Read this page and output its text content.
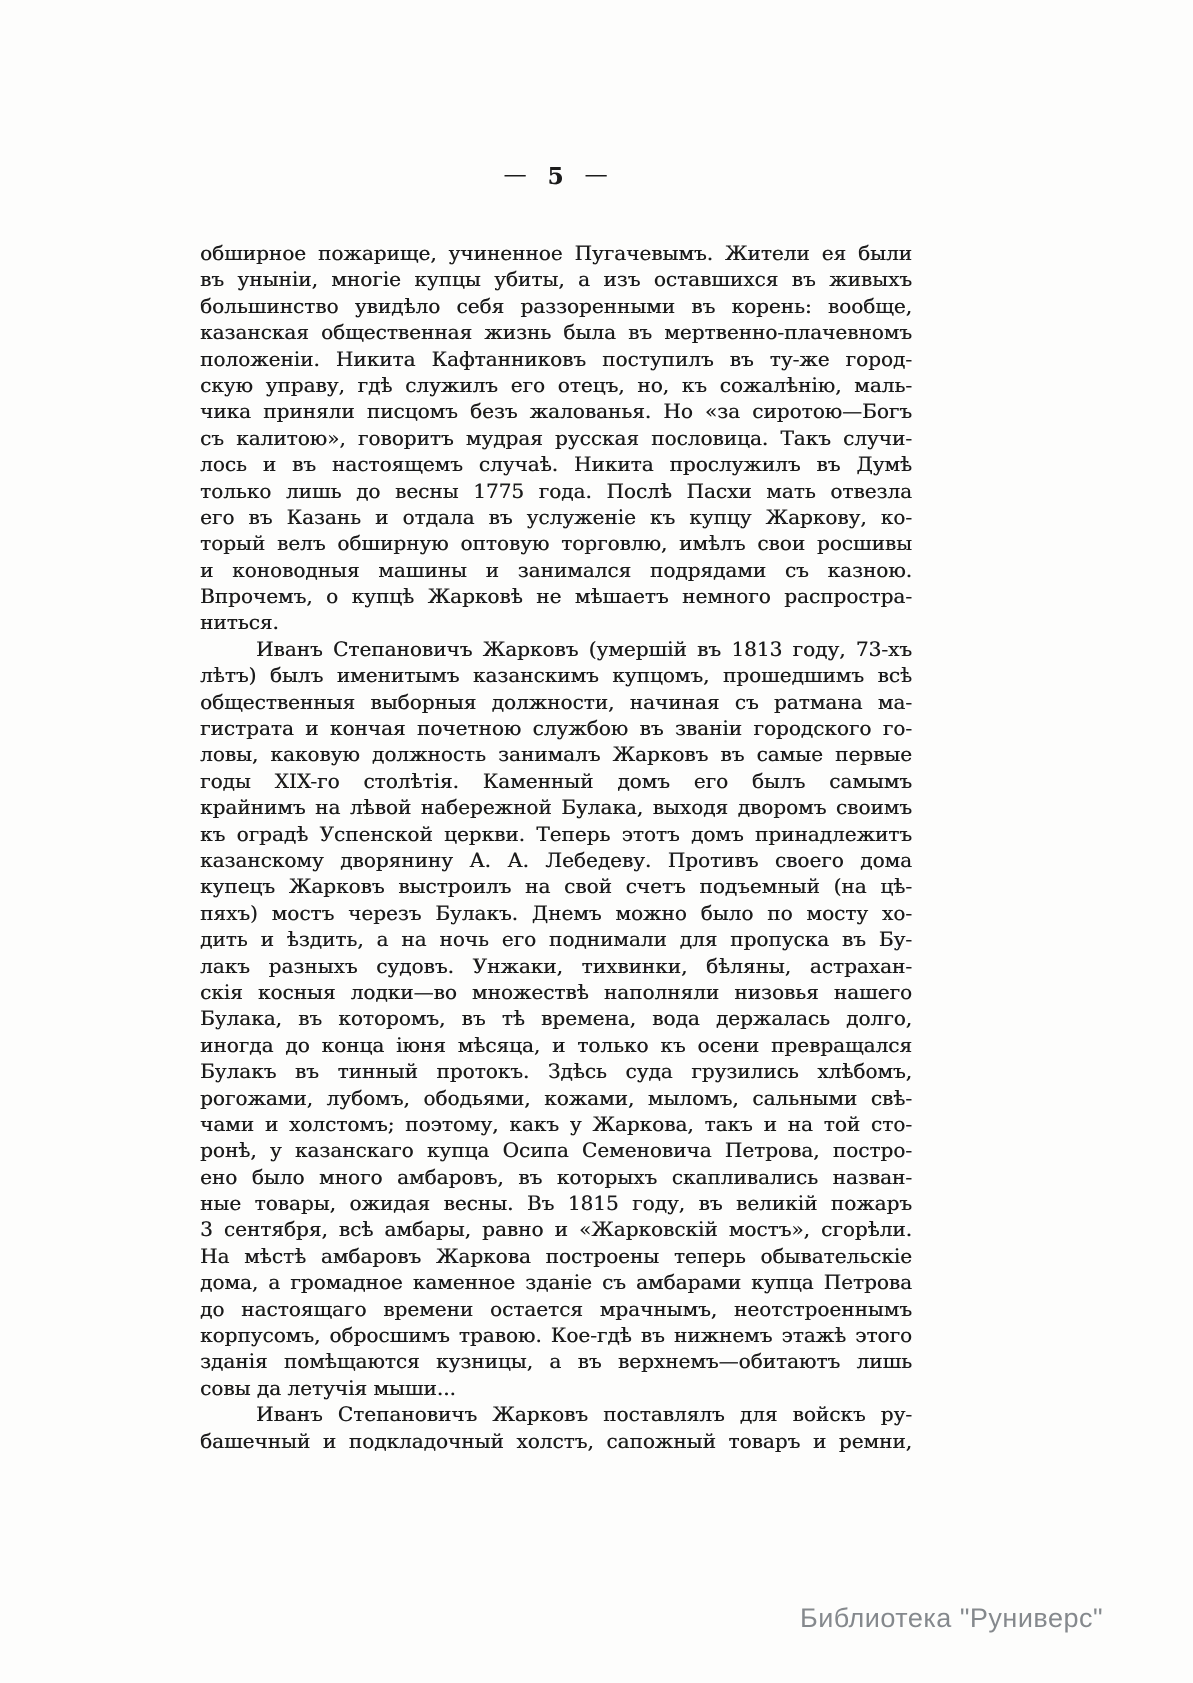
— 5 —
обширное пожарище, учиненное Пугачевымъ. Жители ея были
въ уныніи, многіе купцы убиты, а изъ оставшихся въ живыхъ
большинство увидѣло себя раззоренными въ корень: вообще,
казанская общественная жизнь была въ мертвенно-плачевномъ
положеніи. Никита Кафтанниковъ поступилъ въ ту-же город-
скую управу, гдѣ служилъ его отецъ, но, къ сожалѣнію, маль-
чика приняли писцомъ безъ жалованья. Но «за сиротою—Богъ
съ калитою», говоритъ мудрая русская пословица. Такъ случи-
лось и въ настоящемъ случаѣ. Никита прослужилъ въ Думѣ
только лишь до весны 1775 года. Послѣ Пасхи мать отвезла
его въ Казань и отдала въ услуженіе къ купцу Жаркову, ко-
торый велъ обширную оптовую торговлю, имѣлъ свои росшивы
и коноводныя машины и занимался подрядами съ казною.
Впрочемъ, о купцѣ Жарковѣ не мѣшаетъ немного распростра-
ниться.
Иванъ Степановичъ Жарковъ (умершій въ 1813 году, 73-хъ
лѣтъ) былъ именитымъ казанскимъ купцомъ, прошедшимъ всѣ
общественныя выборныя должности, начиная съ ратмана ма-
гистрата и кончая почетною службою въ званіи городского го-
ловы, каковую должность занималъ Жарковъ въ самые первые
годы XIX-го столѣтія. Каменный домъ его былъ самымъ
крайнимъ на лѣвой набережной Булака, выходя дворомъ своимъ
къ оградѣ Успенской церкви. Теперь этотъ домъ принадлежитъ
казанскому дворянину А. А. Лебедеву. Противъ своего дома
купецъ Жарковъ выстроилъ на свой счетъ подъемный (на цѣ-
пяхъ) мостъ черезъ Булакъ. Днемъ можно было по мосту хо-
дить и ѣздить, а на ночь его поднимали для пропуска въ Бу-
лакъ разныхъ судовъ. Унжаки, тихвинки, бѣляны, астрахан-
скія косныя лодки—во множествѣ наполняли низовья нашего
Булака, въ которомъ, въ тѣ времена, вода держалась долго,
иногда до конца іюня мѣсяца, и только къ осени превращался
Булакъ въ тинный протокъ. Здѣсь суда грузились хлѣбомъ,
рогожами, лубомъ, ободьями, кожами, мыломъ, сальными свѣ-
чами и холстомъ; поэтому, какъ у Жаркова, такъ и на той сто-
ронѣ, у казанскаго купца Осипа Семеновича Петрова, постро-
ено было много амбаровъ, въ которыхъ скапливались назван-
ные товары, ожидая весны. Въ 1815 году, въ великій пожаръ
3 сентября, всѣ амбары, равно и «Жарковскій мостъ», сгорѣли.
На мѣстѣ амбаровъ Жаркова построены теперь обывательскіе
дома, а громадное каменное зданіе съ амбарами купца Петрова
до настоящаго времени остается мрачнымъ, неотстроеннымъ
корпусомъ, обросшимъ травою. Кое-гдѣ въ нижнемъ этажѣ этого
зданія помѣщаются кузницы, а въ верхнемъ—обитаютъ лишь
совы да летучія мыши...
Иванъ Степановичъ Жарковъ поставлялъ для войскъ ру-
башечный и подкладочный холстъ, сапожный товаръ и ремни,
Библиотека "Руниверс"
